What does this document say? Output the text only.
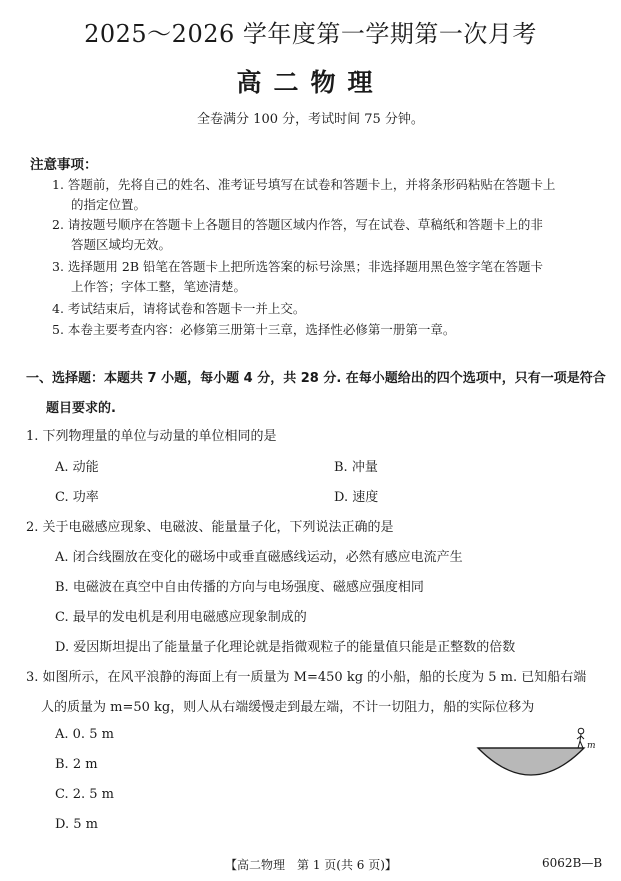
2025～2026 学年度第一学期第一次月考
高二物理
全卷满分 100 分，考试时间 75 分钟。
注意事项：
1. 答题前，先将自己的姓名、准考证号填写在试卷和答题卡上，并将条形码粘贴在答题卡上
的指定位置。
2. 请按题号顺序在答题卡上各题目的答题区域内作答，写在试卷、草稿纸和答题卡上的非
答题区域均无效。
3. 选择题用 2B 铅笔在答题卡上把所选答案的标号涂黑；非选择题用黑色签字笔在答题卡
上作答；字体工整，笔迹清楚。
4. 考试结束后，请将试卷和答题卡一并上交。
5. 本卷主要考查内容：必修第三册第十三章，选择性必修第一册第一章。
一、选择题：本题共 7 小题，每小题 4 分，共 28 分. 在每小题给出的四个选项中，只有一项是符合
题目要求的.
1. 下列物理量的单位与动量的单位相同的是
A. 动能	B. 冲量
C. 功率	D. 速度
2. 关于电磁感应现象、电磁波、能量量子化，下列说法正确的是
A. 闭合线圈放在变化的磁场中或垂直磁感线运动，必然有感应电流产生
B. 电磁波在真空中自由传播的方向与电场强度、磁感应强度相同
C. 最早的发电机是利用电磁感应现象制成的
D. 爱因斯坦提出了能量量子化理论就是指微观粒子的能量值只能是正整数的倍数
3. 如图所示，在风平浪静的海面上有一质量为 M=450 kg 的小船，船的长度为 5 m. 已知船右端
人的质量为 m=50 kg，则人从右端缓慢走到最左端，不计一切阻力，船的实际位移为
A. 0. 5 m
B. 2 m
C. 2. 5 m
D. 5 m
m
【高二物理　第 1 页(共 6 页)】	6062B—B
